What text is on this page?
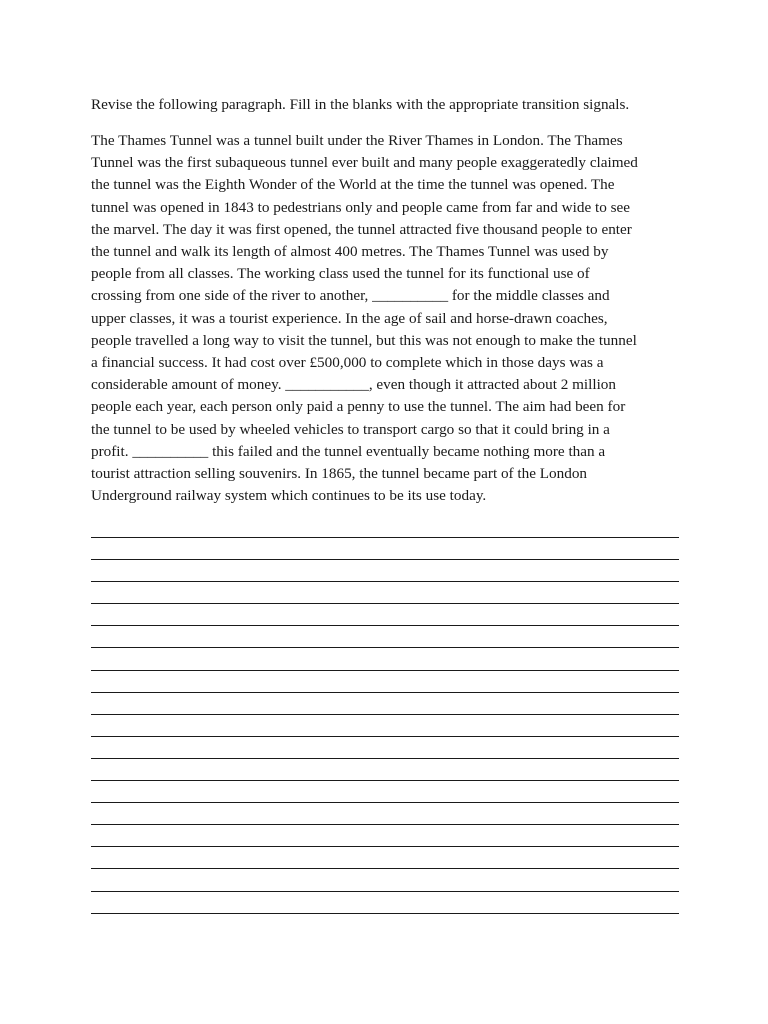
Revise the following paragraph. Fill in the blanks with the appropriate transition signals.

The Thames Tunnel was a tunnel built under the River Thames in London. The Thames
Tunnel was the first subaqueous tunnel ever built and many people exaggeratedly claimed
the tunnel was the Eighth Wonder of the World at the time the tunnel was opened. The
tunnel was opened in 1843 to pedestrians only and people came from far and wide to see
the marvel. The day it was first opened, the tunnel attracted five thousand people to enter
the tunnel and walk its length of almost 400 metres. The Thames Tunnel was used by
people from all classes. The working class used the tunnel for its functional use of
crossing from one side of the river to another, __________ for the middle classes and
upper classes, it was a tourist experience. In the age of sail and horse-drawn coaches,
people travelled a long way to visit the tunnel, but this was not enough to make the tunnel
a financial success. It had cost over £500,000 to complete which in those days was a
considerable amount of money. ___________, even though it attracted about 2 million
people each year, each person only paid a penny to use the tunnel. The aim had been for
the tunnel to be used by wheeled vehicles to transport cargo so that it could bring in a
profit. __________ this failed and the tunnel eventually became nothing more than a
tourist attraction selling souvenirs. In 1865, the tunnel became part of the London
Underground railway system which continues to be its use today.
